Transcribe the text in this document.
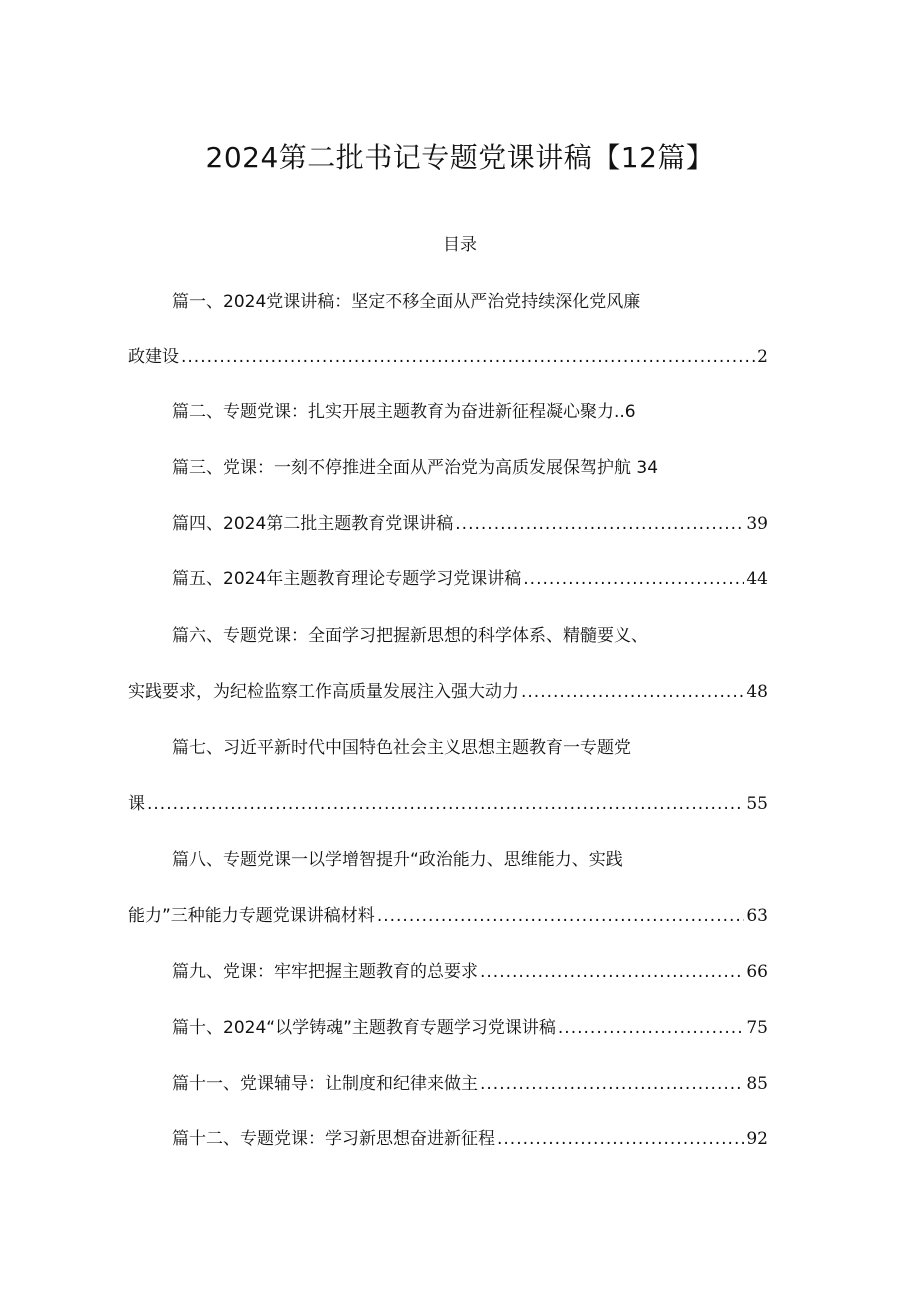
2024第二批书记专题党课讲稿【12篇】
目录
篇一、2024党课讲稿：坚定不移全面从严治党持续深化党风廉
政建设 .....	2
篇二、专题党课：扎实开展主题教育为奋进新征程凝心聚力..6
篇三、党课：一刻不停推进全面从严治党为高质发展保驾护航 34
篇四、2024第二批主题教育党课讲稿 .....	39
篇五、2024年主题教育理论专题学习党课讲稿 .....	44
篇六、专题党课：全面学习把握新思想的科学体系、精髓要义、
实践要求，为纪检监察工作高质量发展注入强大动力 .....	48
篇七、习近平新时代中国特色社会主义思想主题教育一专题党
课 .....	55
篇八、专题党课一以学增智提升“政治能力、思维能力、实践
能力”三种能力专题党课讲稿材料 .....	63
篇九、党课：牢牢把握主题教育的总要求 .....	66
篇十、2024“以学铸魂”主题教育专题学习党课讲稿 .....	75
篇十一、党课辅导：让制度和纪律来做主 .....	85
篇十二、专题党课：学习新思想奋进新征程 .....	92
